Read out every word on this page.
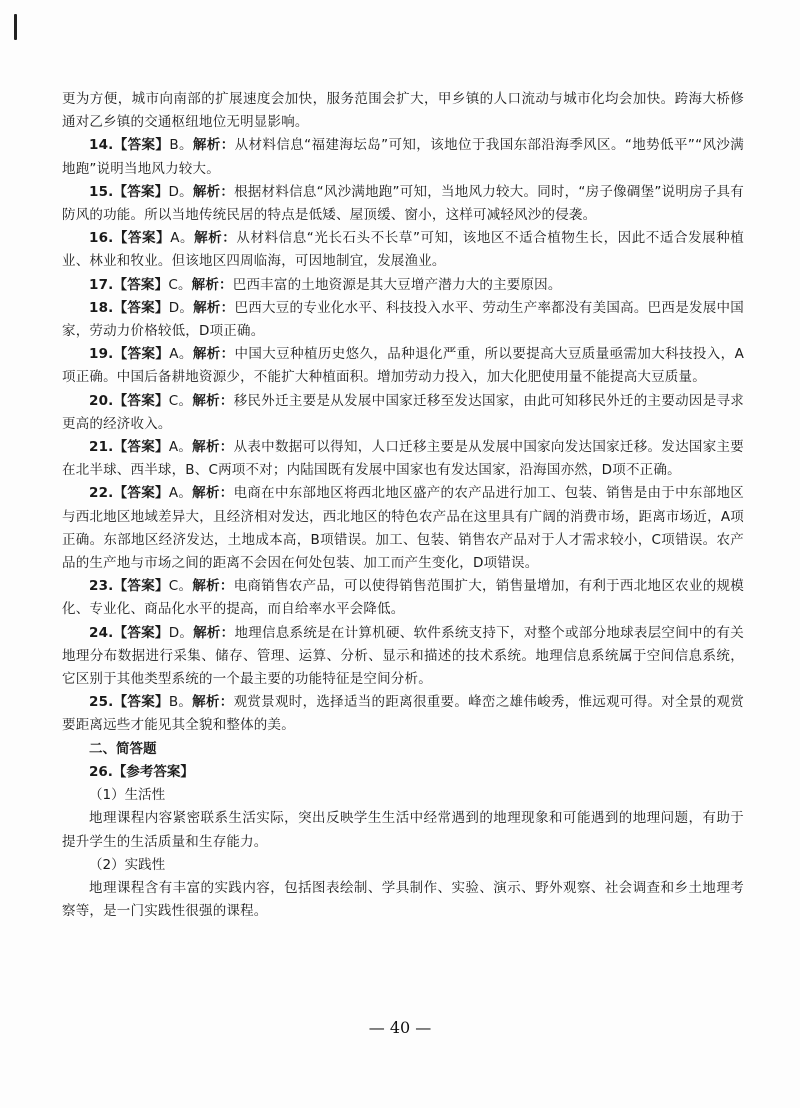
更为方便，城市向南部的扩展速度会加快，服务范围会扩大，甲乡镇的人口流动与城市化均会加快。跨海大桥修通对乙乡镇的交通枢纽地位无明显影响。

14.【答案】B。解析：从材料信息“福建海坛岛”可知，该地位于我国东部沿海季风区。“地势低平”“风沙满地跑”说明当地风力较大。

15.【答案】D。解析：根据材料信息“风沙满地跑”可知，当地风力较大。同时，“房子像碉堡”说明房子具有防风的功能。所以当地传统民居的特点是低矮、屋顶缓、窗小，这样可减轻风沙的侵袭。

16.【答案】A。解析：从材料信息“光长石头不长草”可知，该地区不适合植物生长，因此不适合发展种植业、林业和牧业。但该地区四周临海，可因地制宜，发展渔业。

17.【答案】C。解析：巴西丰富的土地资源是其大豆增产潜力大的主要原因。

18.【答案】D。解析：巴西大豆的专业化水平、科技投入水平、劳动生产率都没有美国高。巴西是发展中国家，劳动力价格较低，D项正确。

19.【答案】A。解析：中国大豆种植历史悠久，品种退化严重，所以要提高大豆质量亟需加大科技投入，A项正确。中国后备耕地资源少，不能扩大种植面积。增加劳动力投入，加大化肥使用量不能提高大豆质量。

20.【答案】C。解析：移民外迁主要是从发展中国家迁移至发达国家，由此可知移民外迁的主要动因是寻求更高的经济收入。

21.【答案】A。解析：从表中数据可以得知，人口迁移主要是从发展中国家向发达国家迁移。发达国家主要在北半球、西半球，B、C两项不对；内陆国既有发展中国家也有发达国家，沿海国亦然，D项不正确。

22.【答案】A。解析：电商在中东部地区将西北地区盛产的农产品进行加工、包装、销售是由于中东部地区与西北地区地域差异大，且经济相对发达，西北地区的特色农产品在这里具有广阔的消费市场，距离市场近，A项正确。东部地区经济发达，土地成本高，B项错误。加工、包装、销售农产品对于人才需求较小，C项错误。农产品的生产地与市场之间的距离不会因在何处包装、加工而产生变化，D项错误。

23.【答案】C。解析：电商销售农产品，可以使得销售范围扩大，销售量增加，有利于西北地区农业的规模化、专业化、商品化水平的提高，而自给率水平会降低。

24.【答案】D。解析：地理信息系统是在计算机硬、软件系统支持下，对整个或部分地球表层空间中的有关地理分布数据进行采集、储存、管理、运算、分析、显示和描述的技术系统。地理信息系统属于空间信息系统，它区别于其他类型系统的一个最主要的功能特征是空间分析。

25.【答案】B。解析：观赏景观时，选择适当的距离很重要。峰峦之雄伟峻秀，惟远观可得。对全景的观赏要距离远些才能见其全貌和整体的美。

二、简答题

26.【参考答案】

（1）生活性

地理课程内容紧密联系生活实际，突出反映学生生活中经常遇到的地理现象和可能遇到的地理问题，有助于提升学生的生活质量和生存能力。

（2）实践性

地理课程含有丰富的实践内容，包括图表绘制、学具制作、实验、演示、野外观察、社会调查和乡土地理考察等，是一门实践性很强的课程。

— 40 —
